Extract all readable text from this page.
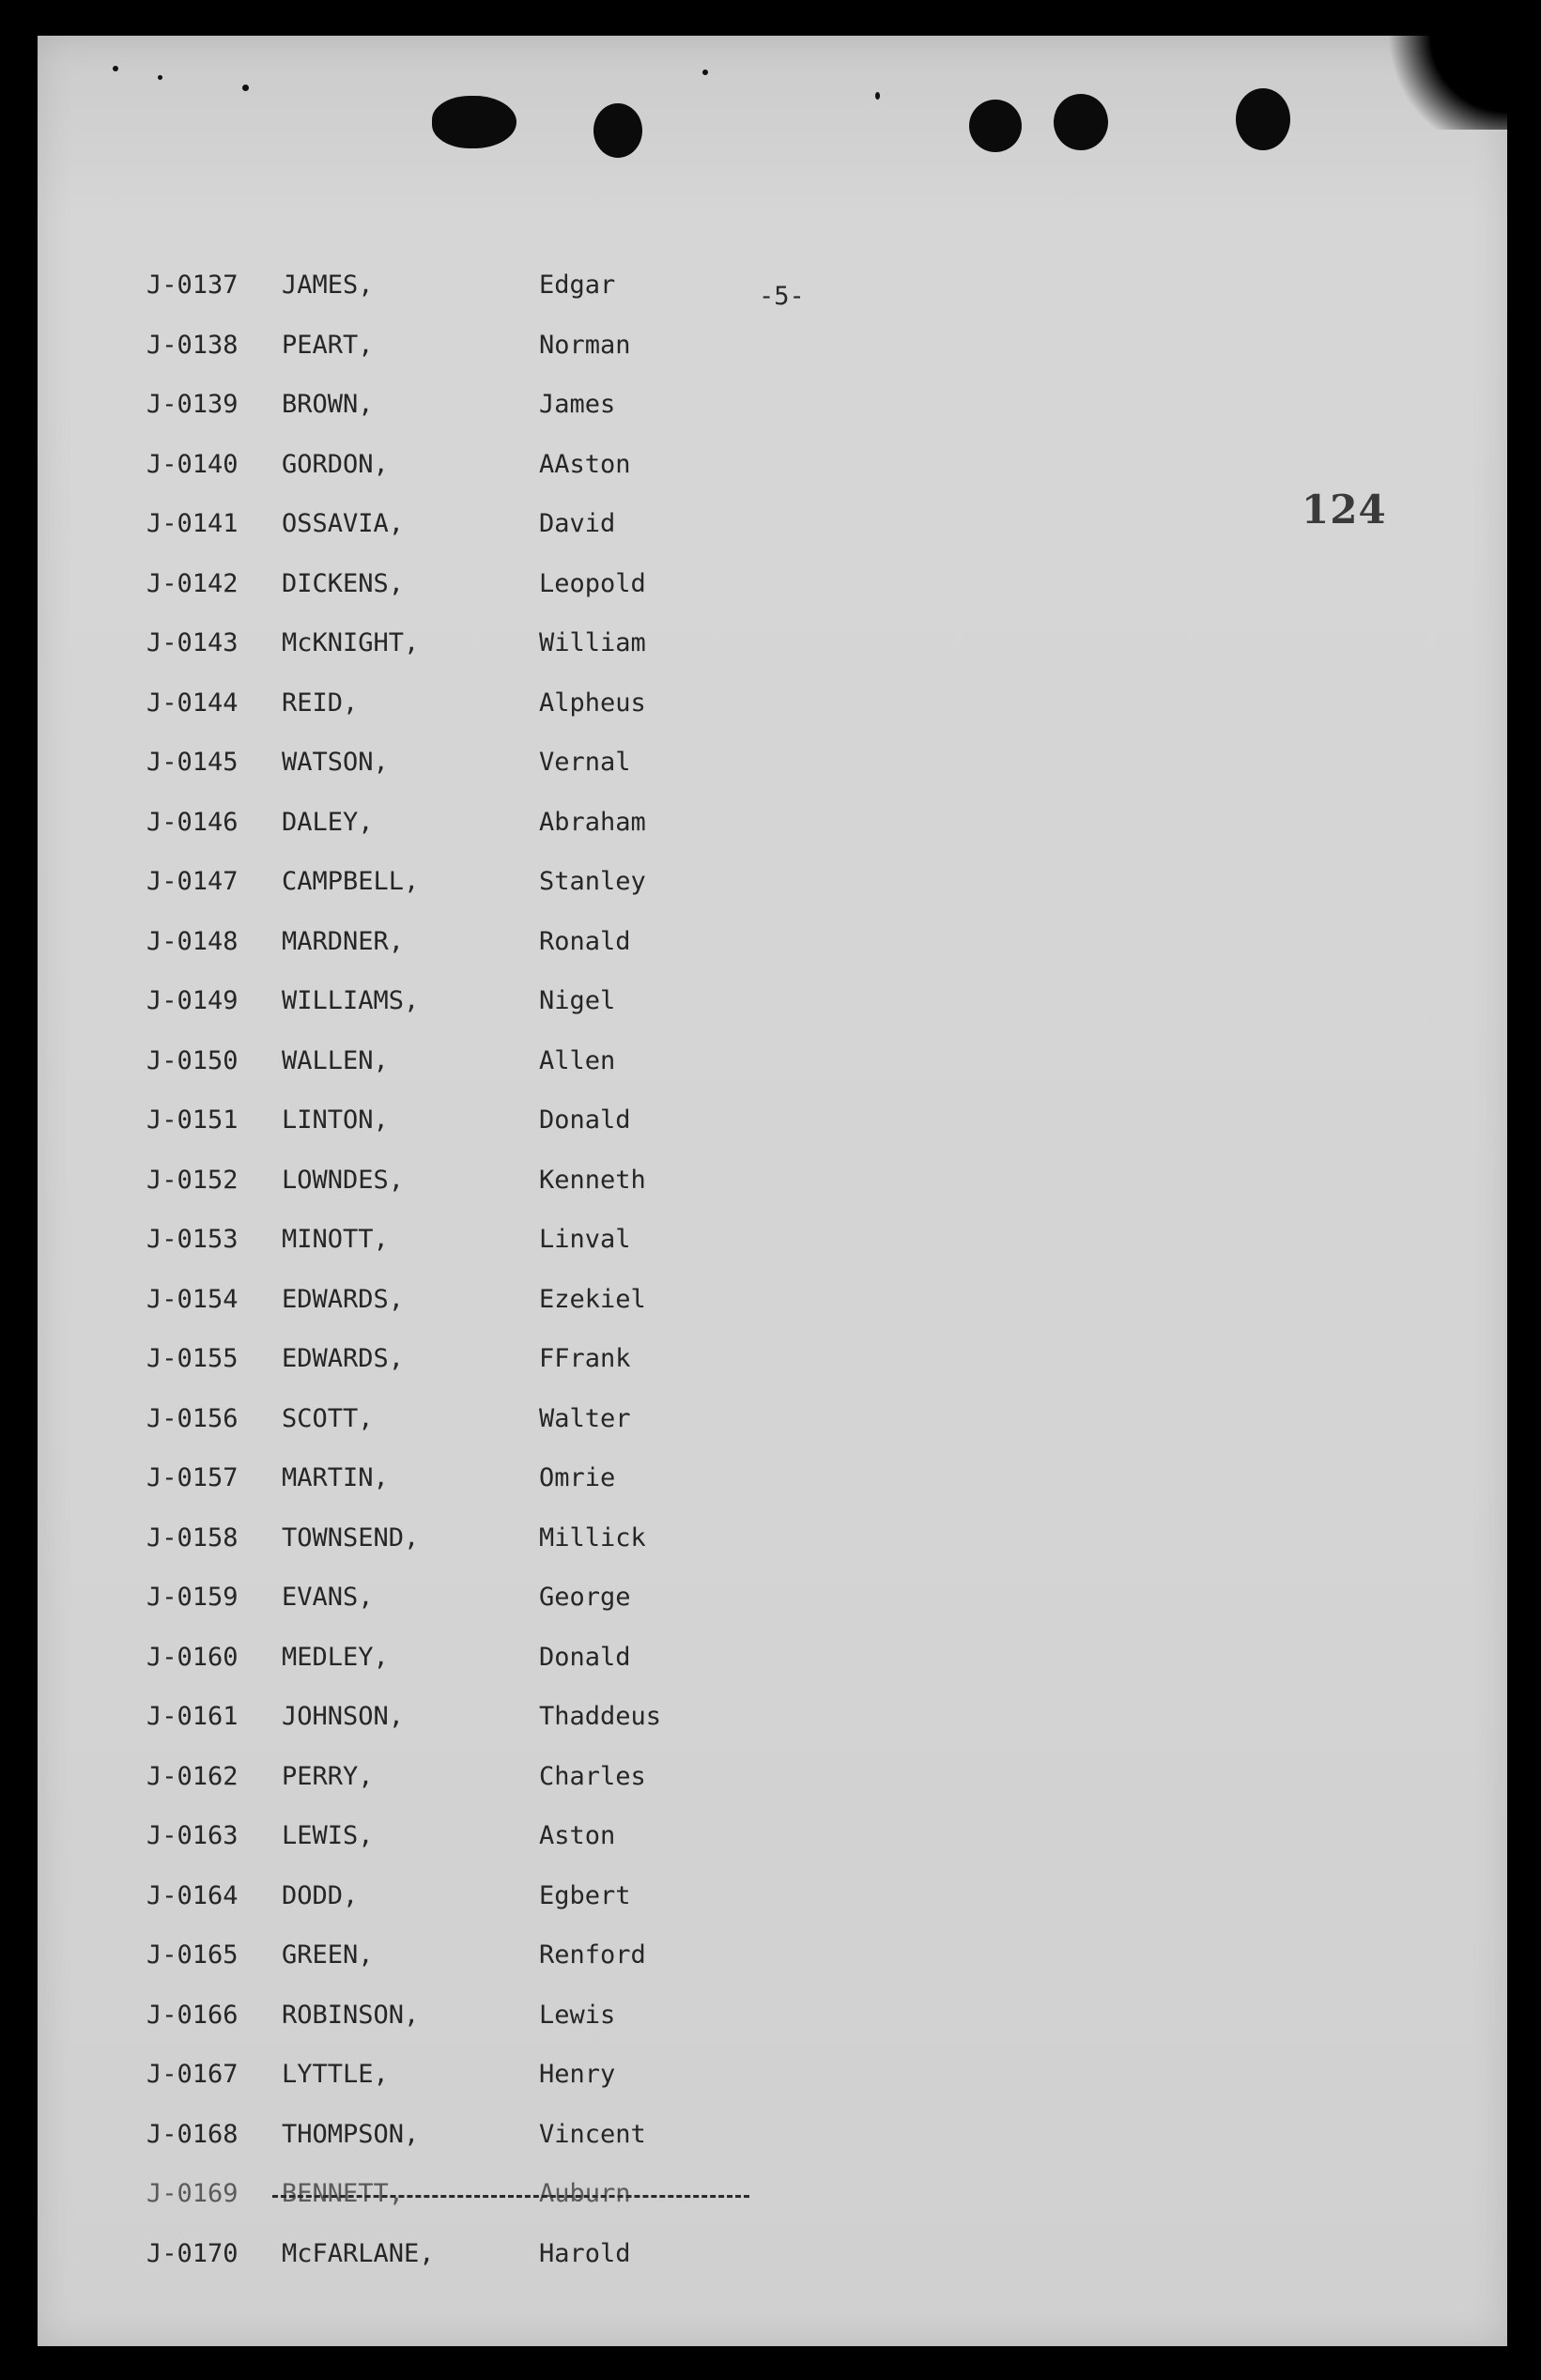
-5-
124
J-0137 JAMES,	Edgar
J-0138 PEART,	Norman
J-0139 BROWN,	James
J-0140 GORDON,	AAston
J-0141 OSSAVIA,	David
J-0142 DICKENS,	Leopold
J-0143 McKNIGHT,	William
J-0144 REID,	Alpheus
J-0145 WATSON,	Vernal
J-0146 DALEY,	Abraham
J-0147 CAMPBELL,	Stanley
J-0148 MARDNER,	Ronald
J-0149 WILLIAMS,	Nigel
J-0150 WALLEN,	Allen
J-0151 LINTON,	Donald
J-0152 LOWNDES,	Kenneth
J-0153 MINOTT,	Linval
J-0154 EDWARDS,	Ezekiel
J-0155 EDWARDS,	FFrank
J-0156 SCOTT,	Walter
J-0157 MARTIN,	Omrie
J-0158 TOWNSEND,	Millick
J-0159 EVANS,	George
J-0160 MEDLEY,	Donald
J-0161 JOHNSON,	Thaddeus
J-0162 PERRY,	Charles
J-0163 LEWIS,	Aston
J-0164 DODD,	Egbert
J-0165 GREEN,	Renford
J-0166 ROBINSON,	Lewis
J-0167 LYTTLE,	Henry
J-0168 THOMPSON,	Vincent
J-0169 BENNETT,	Auburn
J-0170 McFARLANE,	Harold
